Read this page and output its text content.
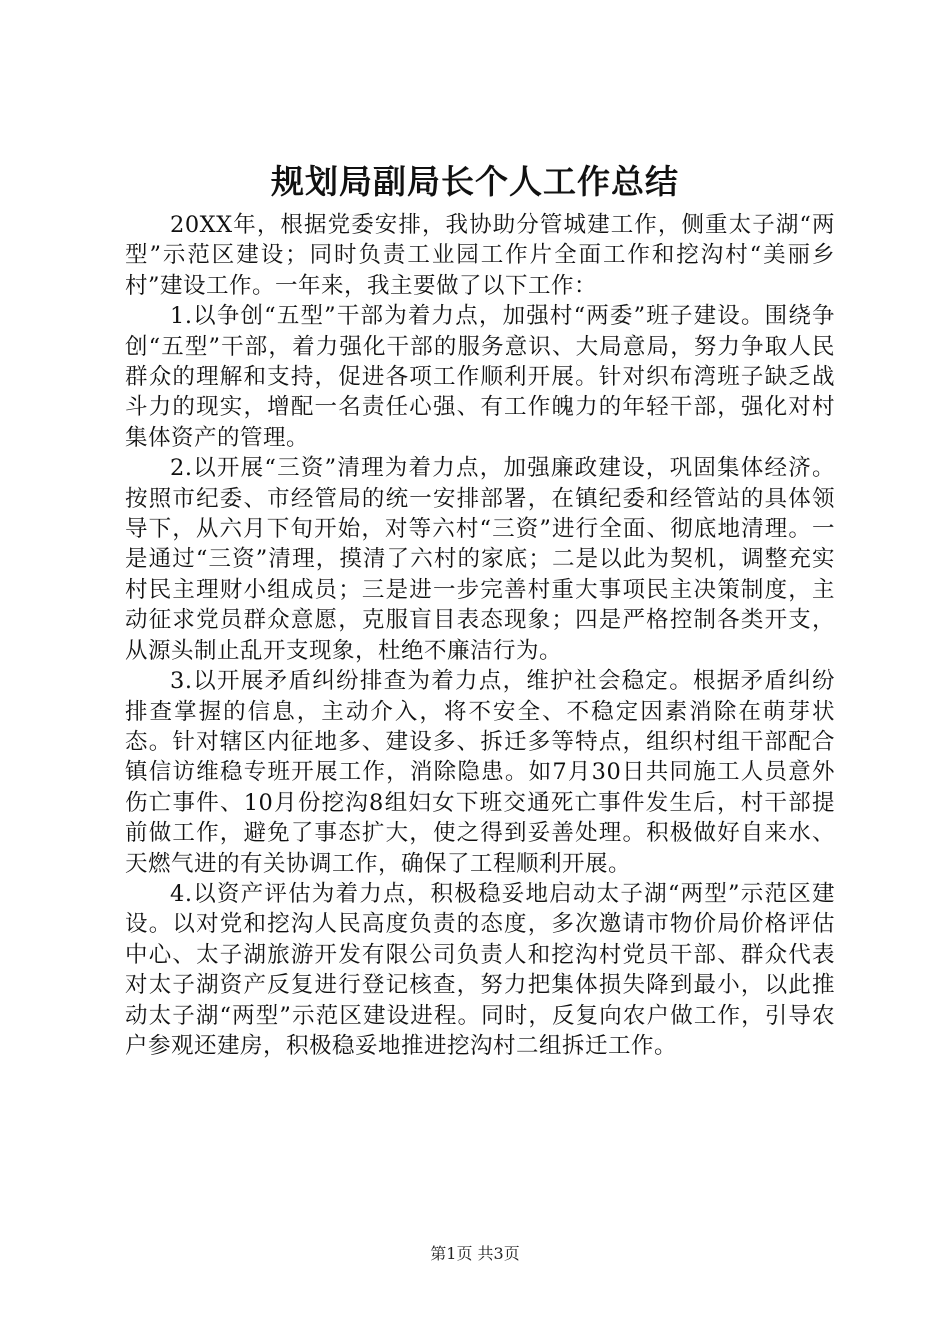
规划局副局长个人工作总结

20XX年，根据党委安排，我协助分管城建工作，侧重太子湖“两型”示范区建设；同时负责工业园工作片全面工作和挖沟村“美丽乡村”建设工作。一年来，我主要做了以下工作：

1.以争创“五型”干部为着力点，加强村“两委”班子建设。围绕争创“五型”干部，着力强化干部的服务意识、大局意局，努力争取人民群众的理解和支持，促进各项工作顺利开展。针对织布湾班子缺乏战斗力的现实，增配一名责任心强、有工作魄力的年轻干部，强化对村集体资产的管理。

2.以开展“三资”清理为着力点，加强廉政建设，巩固集体经济。按照市纪委、市经管局的统一安排部署，在镇纪委和经管站的具体领导下，从六月下旬开始，对等六村“三资”进行全面、彻底地清理。一是通过“三资”清理，摸清了六村的家底；二是以此为契机，调整充实村民主理财小组成员；三是进一步完善村重大事项民主决策制度，主动征求党员群众意愿，克服盲目表态现象；四是严格控制各类开支，从源头制止乱开支现象，杜绝不廉洁行为。

3.以开展矛盾纠纷排查为着力点，维护社会稳定。根据矛盾纠纷排查掌握的信息，主动介入，将不安全、不稳定因素消除在萌芽状态。针对辖区内征地多、建设多、拆迁多等特点，组织村组干部配合镇信访维稳专班开展工作，消除隐患。如7月30日共同施工人员意外伤亡事件、10月份挖沟8组妇女下班交通死亡事件发生后，村干部提前做工作，避免了事态扩大，使之得到妥善处理。积极做好自来水、天燃气进的有关协调工作，确保了工程顺利开展。

4.以资产评估为着力点，积极稳妥地启动太子湖“两型”示范区建设。以对党和挖沟人民高度负责的态度，多次邀请市物价局价格评估中心、太子湖旅游开发有限公司负责人和挖沟村党员干部、群众代表对太子湖资产反复进行登记核查，努力把集体损失降到最小，以此推动太子湖“两型”示范区建设进程。同时，反复向农户做工作，引导农户参观还建房，积极稳妥地推进挖沟村二组拆迁工作。

第1页 共3页
